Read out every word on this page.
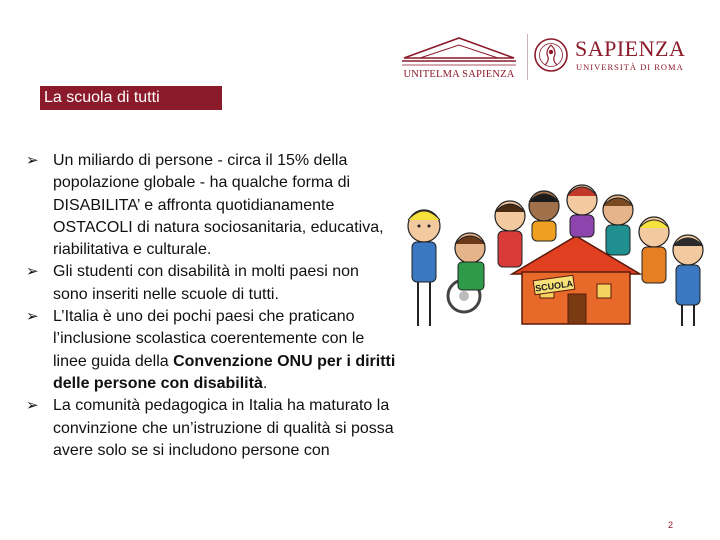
UNITELMA SAPIENZA
SAPIENZA
UNIVERSITÀ DI ROMA
La scuola di tutti
➢ Un miliardo di persone - circa il 15% della popolazione globale - ha qualche forma di DISABILITA’ e affronta quotidianamente OSTACOLI di natura sociosanitaria, educativa, riabilitativa e culturale.
➢ Gli studenti con disabilità in molti paesi non sono inseriti nelle scuole di tutti.
➢ L’Italia è uno dei pochi paesi che praticano l’inclusione scolastica coerentemente con le linee guida della Convenzione ONU per i diritti delle persone con disabilità.
➢ La comunità pedagogica in Italia ha maturato la convinzione che un’istruzione di qualità si possa avere solo se si includono persone con
SCUOLA
2
